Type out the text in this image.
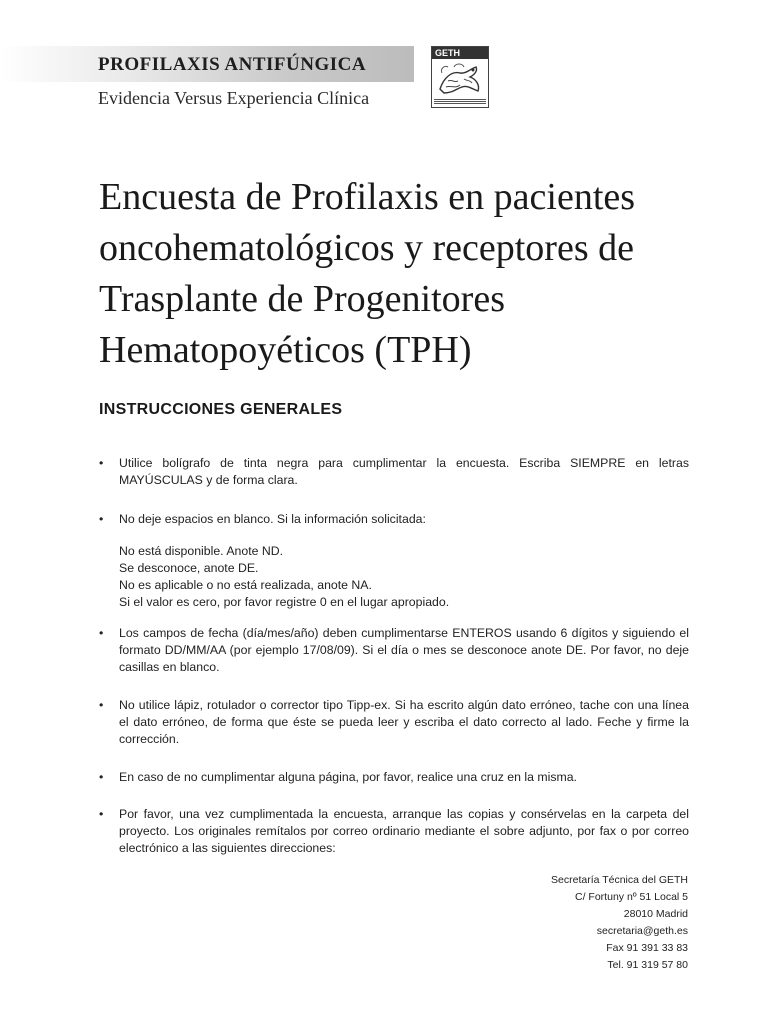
PROFILAXIS ANTIFÚNGICA
Evidencia Versus Experiencia Clínica
GETH
Encuesta de Profilaxis en pacientes oncohematológicos y receptores de Trasplante de Progenitores Hematopoyéticos (TPH)
INSTRUCCIONES GENERALES
• Utilice bolígrafo de tinta negra para cumplimentar la encuesta. Escriba SIEMPRE en letras MAYÚSCULAS y de forma clara.
• No deje espacios en blanco. Si la información solicitada:
No está disponible. Anote ND.
Se desconoce, anote DE.
No es aplicable o no está realizada, anote NA.
Si el valor es cero, por favor registre 0 en el lugar apropiado.
• Los campos de fecha (día/mes/año) deben cumplimentarse ENTEROS usando 6 dígitos y siguiendo el formato DD/MM/AA (por ejemplo 17/08/09). Si el día o mes se desconoce anote DE. Por favor, no deje casillas en blanco.
• No utilice lápiz, rotulador o corrector tipo Tipp-ex. Si ha escrito algún dato erróneo, tache con una línea el dato erróneo, de forma que éste se pueda leer y escriba el dato correcto al lado. Feche y firme la corrección.
• En caso de no cumplimentar alguna página, por favor, realice una cruz en la misma.
• Por favor, una vez cumplimentada la encuesta, arranque las copias y consérvelas en la carpeta del proyecto. Los originales remítalos por correo ordinario mediante el sobre adjunto, por fax o por correo electrónico a las siguientes direcciones:
Secretaría Técnica del GETH
C/ Fortuny nº 51 Local 5
28010 Madrid
secretaria@geth.es
Fax 91 391 33 83
Tel. 91 319 57 80
